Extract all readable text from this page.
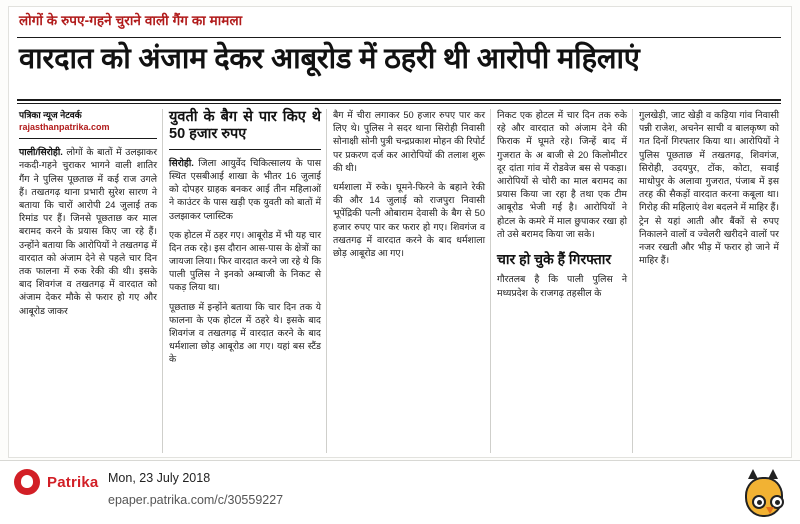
लोगों के रुपए-गहने चुराने वाली गैंग का मामला
वारदात को अंजाम देकर आबूरोड में ठहरी थी आरोपी महिलाएं
पत्रिका न्यूज नेटवर्क
rajasthanpatrika.com

पाली/सिरोही. लोगों के बातों में उलझाकर नकदी-गहने चुराकर भागने वाली शातिर गैंग ने पुलिस पूछताछ में कई राज उगले हैं। तखतगढ़ थाना प्रभारी सुरेश सारण ने बताया कि चारों आरोपी 24 जुलाई तक रिमांड पर हैं। जिनसे पूछताछ कर माल बरामद करने के प्रयास किए जा रहे हैं। उन्होंने बताया कि आरोपियों ने तखतगढ़ में वारदात को अंजाम देने से पहले चार दिन तक फालना में रुक रेकी की थी। इसके बाद शिवगंज व तखतगढ़ में वारदात को अंजाम देकर मौके से फरार हो गए और आबूरोड जाकर

युवती के बैग से पार किए थे 50 हजार रुपए

सिरोही. जिला आयुर्वेद चिकित्सालय के पास स्थित एसबीआई शाखा के भीतर 16 जुलाई को दोपहर ग्राहक बनकर आई तीन महिलाओं ने काउंटर के पास खड़ी एक युवती को बातों में उलझाकर प्लास्टिक

एक होटल में ठहर गए। आबूरोड में भी यह चार दिन तक रहे। इस दौरान आस-पास के क्षेत्रों का जायजा लिया। फिर वारदात करने जा रहे थे कि पाली पुलिस ने इनको अम्बाजी के निकट से पकड़ लिया था।

पूछताछ में इन्होंने बताया कि चार दिन तक ये फालना के एक होटल में ठहरे थे। इसके बाद शिवगंज व तखतगढ़ में वारदात करने के बाद धर्मशाला छोड़ आबूरोड आ गए। यहां बस स्टैंड के

बैग में चीरा लगाकर 50 हजार रुपए पार कर लिए थे। पुलिस ने सदर थाना सिरोही निवासी सोनाक्षी सोनी पुत्री चन्द्रप्रकाश मोहन की रिपोर्ट पर प्रकरण दर्ज कर आरोपियों की तलाश शुरू की थी।

धर्मशाला में रुके। घूमने-फिरने के बहाने रेकी की और 14 जुलाई को राजपुरा निवासी भूपेंद्रिकी पत्नी ओबाराम देवासी के बैग से 50 हजार रुपए पार कर फरार हो गए। शिवगंज व तखतगढ़ में वारदात करने के बाद धर्मशाला छोड़ आबूरोड आ गए।

निकट एक होटल में चार दिन तक रुके रहे और वारदात को अंजाम देने की फिराक में घूमते रहे। जिन्हें बाद में गुजरात के अ बाजी से 20 किलोमीटर दूर दांता गांव में रोडवेज बस से पकड़ा। आरोपियों से चोरी का माल बरामद का प्रयास किया जा रहा है तथा एक टीम आबूरोड भेजी गई है। आरोपियों ने होटल के कमरे में माल छुपाकर रखा हो तो उसे बरामद किया जा सके।

चार हो चुके हैं गिरफ्तार

गौरतलब है कि पाली पुलिस ने मध्यप्रदेश के राजगढ़ तहसील के

गुलखेड़ी, जाट खेड़ी व कड़िया गांव निवासी पन्नी राजेश, अचनेन साची व बालकृष्ण को गत दिनों गिरफ्तार किया था। आरोपियों ने पुलिस पूछताछ में तखतगढ़, शिवगंज, सिरोही, उदयपुर, टोंक, कोटा, सवाई माधोपुर के अलावा गुजरात, पंजाब में इस तरह की सैकड़ों वारदात करना कबूला था। गिरोह की महिलाएं वेश बदलने में माहिर हैं। ट्रेन से यहां आती और बैंकों से रुपए निकालने वालों व ज्वेलरी खरीदने वालों पर नजर रखती और भीड़ में फरार हो जाने में माहिर हैं।

Patrika Mon, 23 July 2018
epaper.patrika.com/c/30559227
